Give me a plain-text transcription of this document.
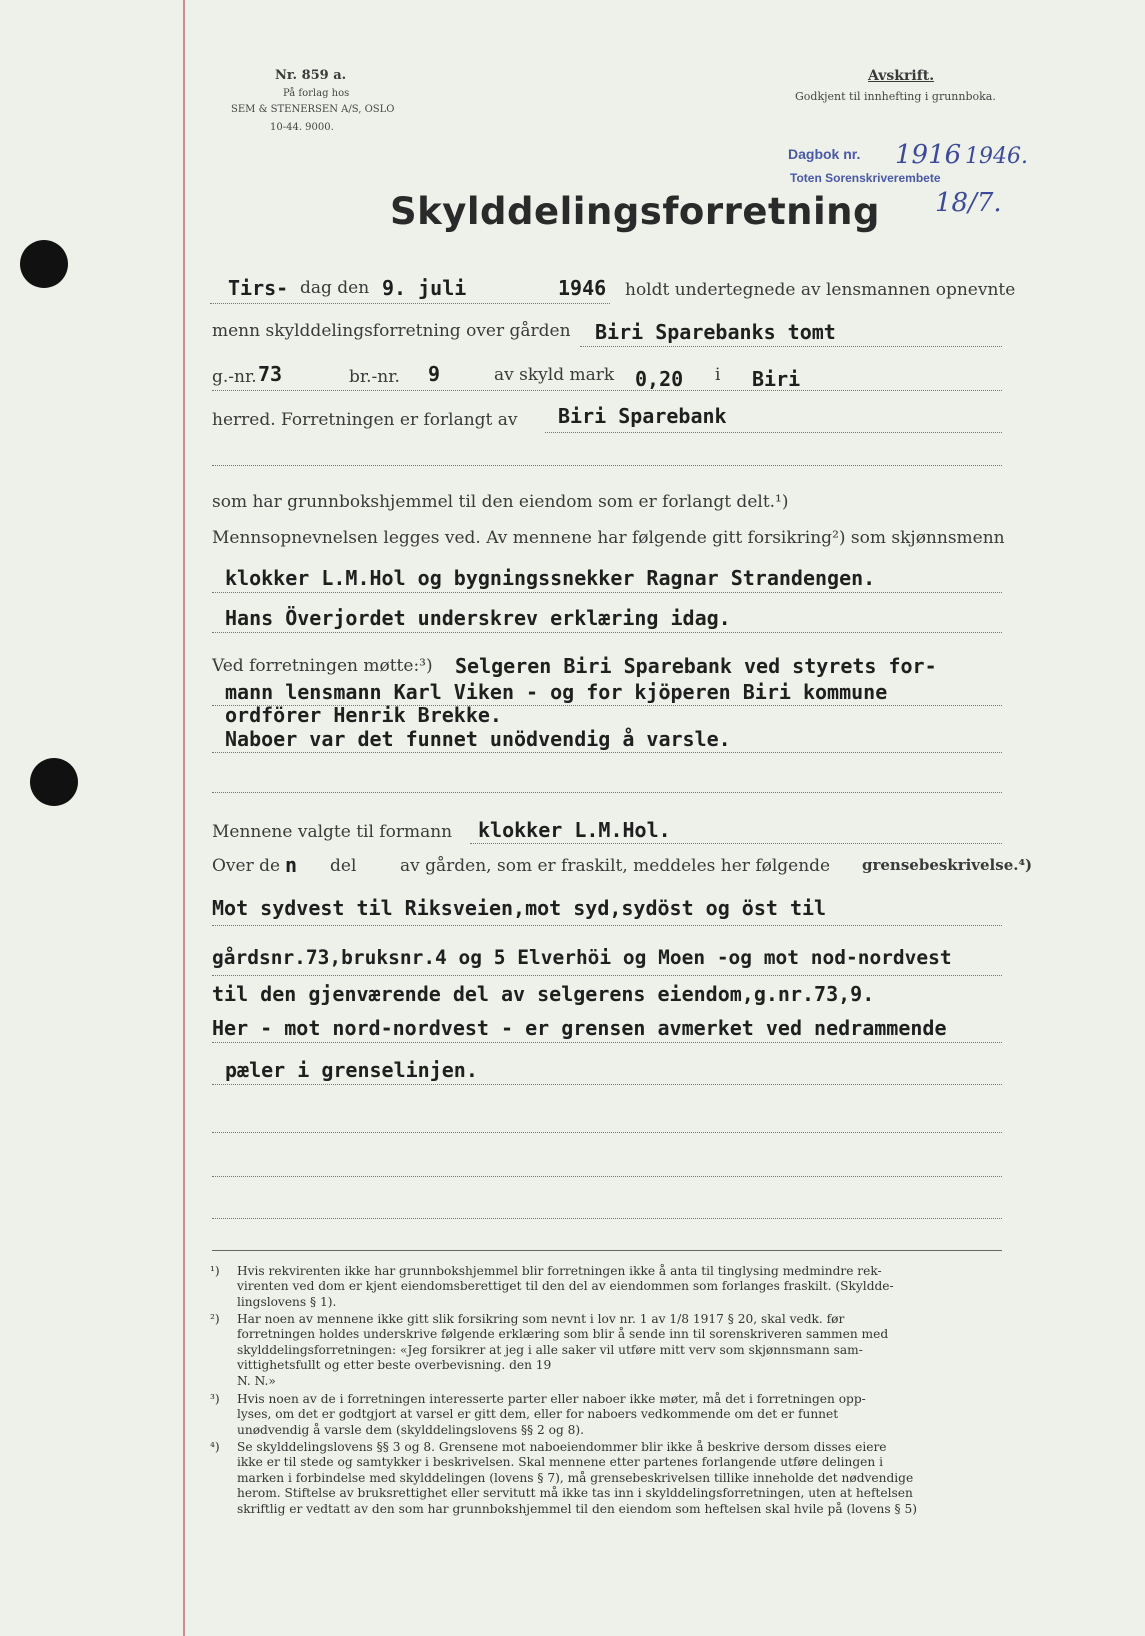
Nr. 859 a.
På forlag hos
SEM & STENERSEN A/S, OSLO
10-44. 9000.
Avskrift.
Godkjent til innhefting i grunnboka.
Dagbok nr.
Toten Sorenskriverembete
1916 1946.
18/7.
Skylddelingsforretning
Tirs- dag den 9. juli	1946 holdt undertegnede av lensmannen opnevnte
menn skylddelingsforretning over gården Biri Sparebanks tomt
g.-nr. 73	br.-nr. 9	av skyld mark 0,20 i Biri
herred. Forretningen er forlangt av Biri Sparebank
som har grunnbokshjemmel til den eiendom som er forlangt delt.¹)
Mennsopnevnelsen legges ved. Av mennene har følgende gitt forsikring²) som skjønnsmenn
klokker L.M.Hol og bygningssnekker Ragnar Strandengen.
Hans Överjordet underskrev erklæring idag.
Ved forretningen møtte:³) Selgeren Biri Sparebank ved styrets for-
mann lensmann Karl Viken - og for kjöperen Biri kommune
ordförer Henrik Brekke.
Naboer var det funnet unödvendig å varsle.
Mennene valgte til formann klokker L.M.Hol.
Over de n del	av gården, som er fraskilt, meddeles her følgende grensebeskrivelse.⁴)
Mot sydvest til Riksveien,mot syd,sydöst og öst til
gårdsnr.73,bruksnr.4 og 5 Elverhöi og Moen -og mot nod-nordvest
til den gjenværende del av selgerens eiendom,g.nr.73,9.
Her - mot nord-nordvest - er grensen avmerket ved nedrammende
pæler i grenselinjen.
¹) Hvis rekvirenten ikke har grunnbokshjemmel blir forretningen ikke å anta til tinglysing medmindre rek-
virenten ved dom er kjent eiendomsberettiget til den del av eiendommen som forlanges fraskilt. (Skyldde-
lingslovens § 1).
²) Har noen av mennene ikke gitt slik forsikring som nevnt i lov nr. 1 av 1/8 1917 § 20, skal vedk. før
forretningen holdes underskrive følgende erklæring som blir å sende inn til sorenskriveren sammen med
skylddelingsforretningen: «Jeg forsikrer at jeg i alle saker vil utføre mitt verv som skjønnsmann sam-
vittighetsfullt og etter beste overbevisning. den 19
N. N.»
³) Hvis noen av de i forretningen interesserte parter eller naboer ikke møter, må det i forretningen opp-
lyses, om det er godtgjort at varsel er gitt dem, eller for naboers vedkommende om det er funnet
unødvendig å varsle dem (skylddelingslovens §§ 2 og 8).
⁴) Se skylddelingslovens §§ 3 og 8. Grensene mot naboeiendommer blir ikke å beskrive dersom disses eiere
ikke er til stede og samtykker i beskrivelsen. Skal mennene etter partenes forlangende utføre delingen i
marken i forbindelse med skylddelingen (lovens § 7), må grensebeskrivelsen tillike inneholde det nødvendige
herom. Stiftelse av bruksrettighet eller servitutt må ikke tas inn i skylddelingsforretningen, uten at heftelsen
skriftlig er vedtatt av den som har grunnbokshjemmel til den eiendom som heftelsen skal hvile på (lovens § 5)
